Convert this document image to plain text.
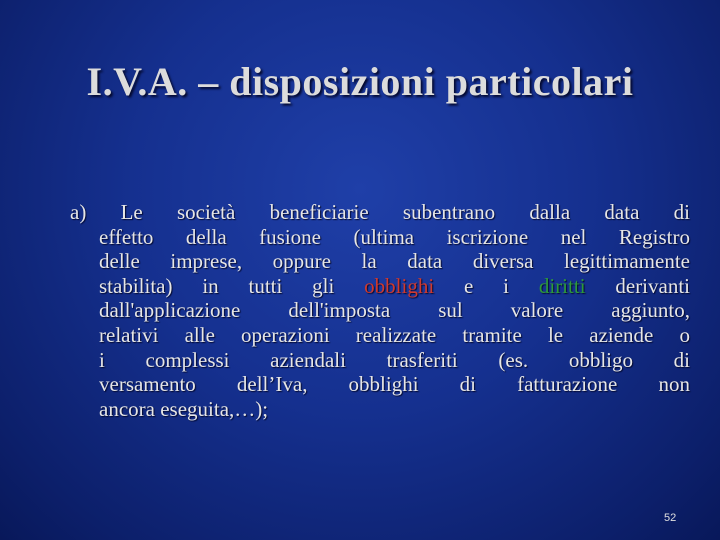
I.V.A. – disposizioni particolari
a) Le società beneficiarie subentrano dalla data di
effetto della fusione (ultima iscrizione nel Registro
delle imprese, oppure la data diversa legittimamente
stabilita) in tutti gli obblighi e i diritti derivanti
dall'applicazione dell'imposta sul valore aggiunto,
relativi alle operazioni realizzate tramite le aziende o
i complessi aziendali trasferiti (es. obbligo di
versamento dell’Iva, obblighi di fatturazione non
ancora eseguita,…);
52
